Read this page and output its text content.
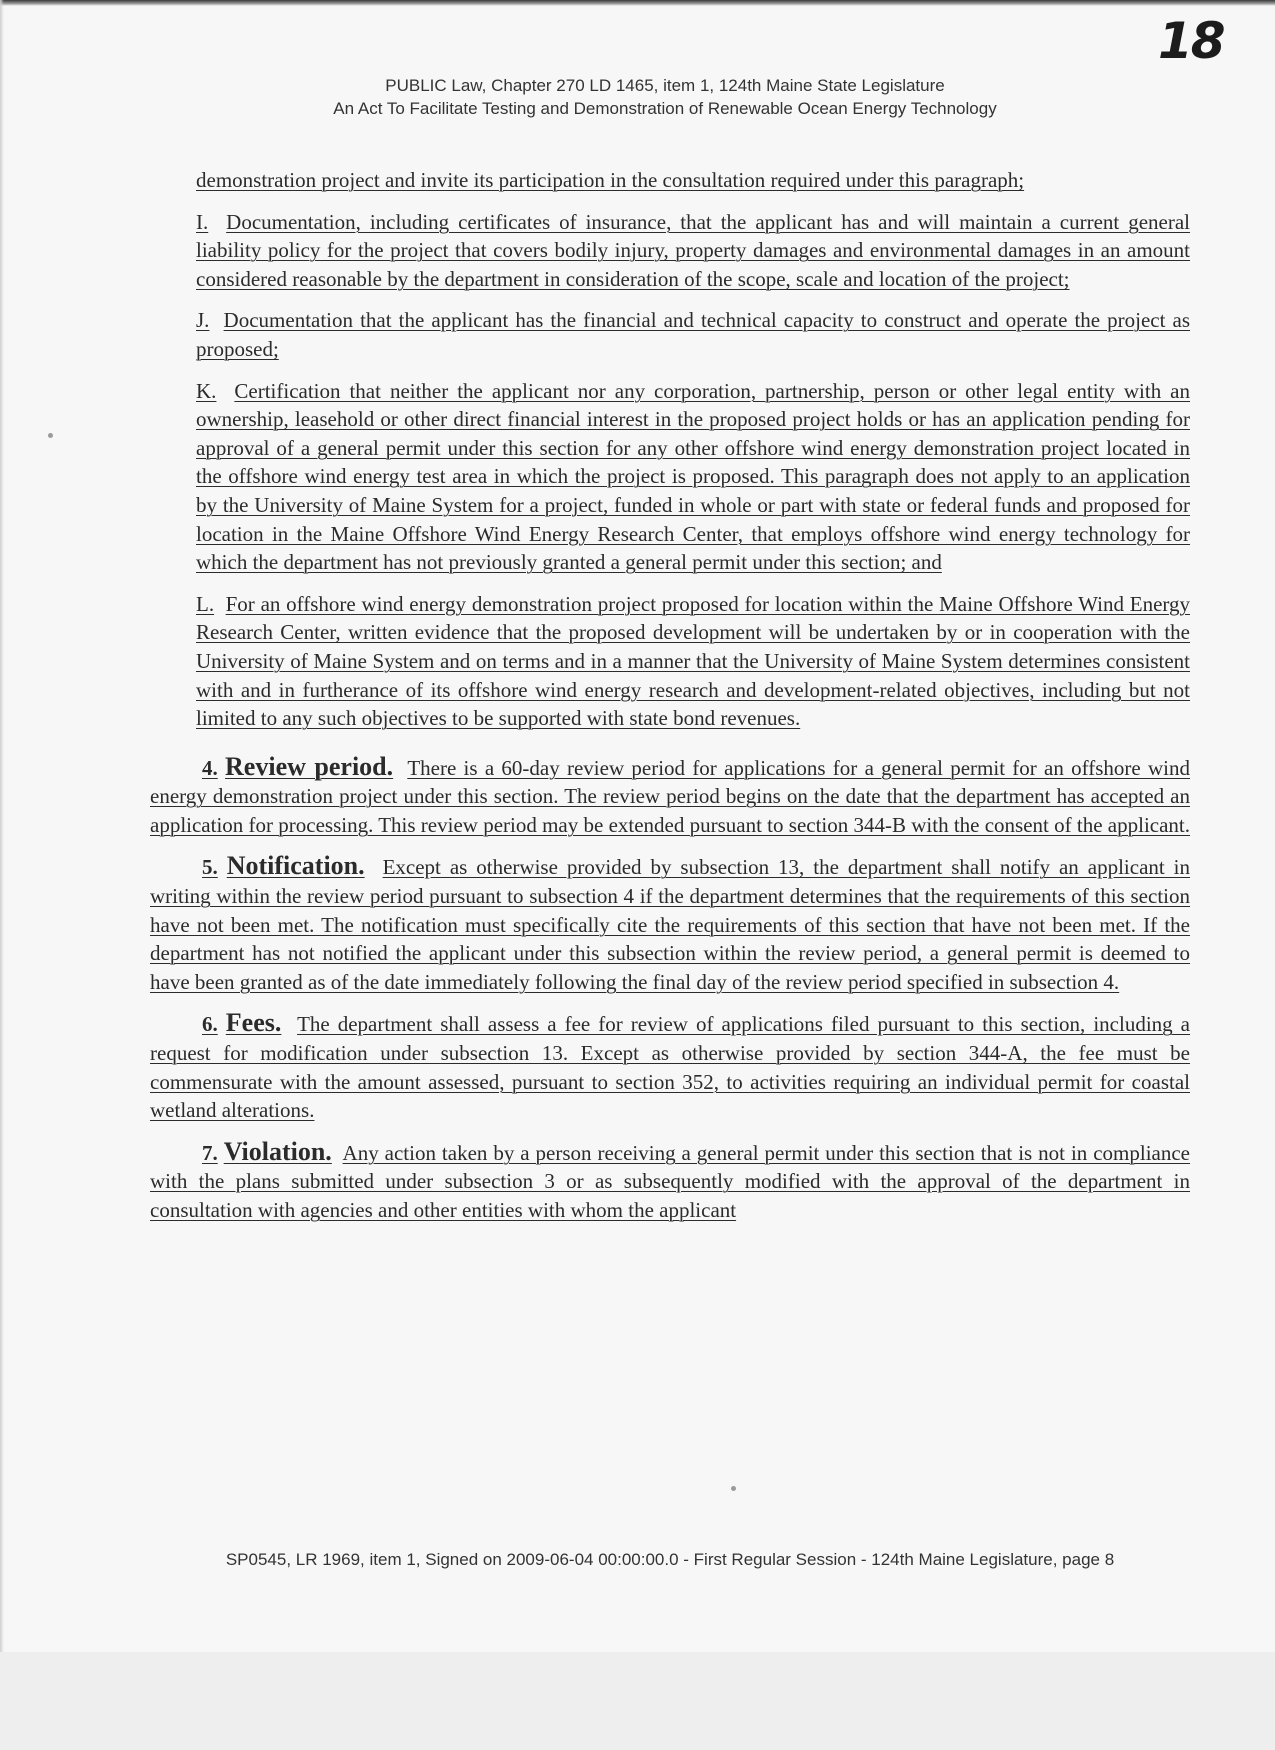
18
PUBLIC Law, Chapter 270 LD 1465, item 1, 124th Maine State Legislature
An Act To Facilitate Testing and Demonstration of Renewable Ocean Energy Technology

demonstration project and invite its participation in the consultation required under this paragraph;

I. Documentation, including certificates of insurance, that the applicant has and will maintain a current general liability policy for the project that covers bodily injury, property damages and environmental damages in an amount considered reasonable by the department in consideration of the scope, scale and location of the project;

J. Documentation that the applicant has the financial and technical capacity to construct and operate the project as proposed;

K. Certification that neither the applicant nor any corporation, partnership, person or other legal entity with an ownership, leasehold or other direct financial interest in the proposed project holds or has an application pending for approval of a general permit under this section for any other offshore wind energy demonstration project located in the offshore wind energy test area in which the project is proposed. This paragraph does not apply to an application by the University of Maine System for a project, funded in whole or part with state or federal funds and proposed for location in the Maine Offshore Wind Energy Research Center, that employs offshore wind energy technology for which the department has not previously granted a general permit under this section; and

L. For an offshore wind energy demonstration project proposed for location within the Maine Offshore Wind Energy Research Center, written evidence that the proposed development will be undertaken by or in cooperation with the University of Maine System and on terms and in a manner that the University of Maine System determines consistent with and in furtherance of its offshore wind energy research and development-related objectives, including but not limited to any such objectives to be supported with state bond revenues.

4. Review period. There is a 60-day review period for applications for a general permit for an offshore wind energy demonstration project under this section. The review period begins on the date that the department has accepted an application for processing. This review period may be extended pursuant to section 344-B with the consent of the applicant.

5. Notification. Except as otherwise provided by subsection 13, the department shall notify an applicant in writing within the review period pursuant to subsection 4 if the department determines that the requirements of this section have not been met. The notification must specifically cite the requirements of this section that have not been met. If the department has not notified the applicant under this subsection within the review period, a general permit is deemed to have been granted as of the date immediately following the final day of the review period specified in subsection 4.

6. Fees. The department shall assess a fee for review of applications filed pursuant to this section, including a request for modification under subsection 13. Except as otherwise provided by section 344-A, the fee must be commensurate with the amount assessed, pursuant to section 352, to activities requiring an individual permit for coastal wetland alterations.

7. Violation. Any action taken by a person receiving a general permit under this section that is not in compliance with the plans submitted under subsection 3 or as subsequently modified with the approval of the department in consultation with agencies and other entities with whom the applicant

SP0545, LR 1969, item 1, Signed on 2009-06-04 00:00:00.0 - First Regular Session - 124th Maine Legislature, page 8
